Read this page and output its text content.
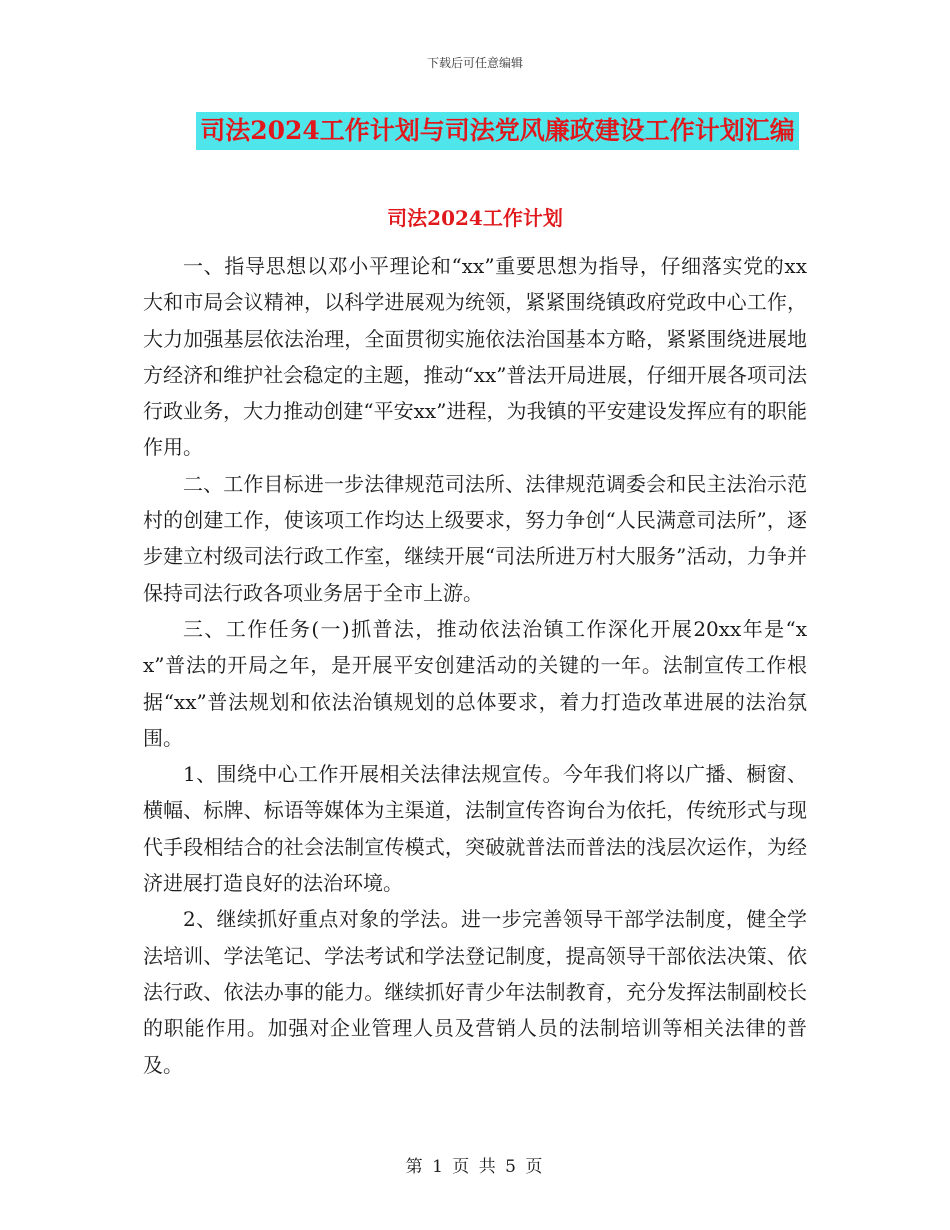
下载后可任意编辑
司法2024工作计划与司法党风廉政建设工作计划汇编
司法2024工作计划

一、指导思想以邓小平理论和“xx”重要思想为指导，仔细落实党的xx大和市局会议精神，以科学进展观为统领，紧紧围绕镇政府党政中心工作，大力加强基层依法治理，全面贯彻实施依法治国基本方略，紧紧围绕进展地方经济和维护社会稳定的主题，推动“xx”普法开局进展，仔细开展各项司法行政业务，大力推动创建“平安xx”进程，为我镇的平安建设发挥应有的职能作用。

二、工作目标进一步法律规范司法所、法律规范调委会和民主法治示范村的创建工作，使该项工作均达上级要求，努力争创“人民满意司法所”，逐步建立村级司法行政工作室，继续开展“司法所进万村大服务”活动，力争并保持司法行政各项业务居于全市上游。

三、工作任务(一)抓普法，推动依法治镇工作深化开展20xx年是“xx”普法的开局之年，是开展平安创建活动的关键的一年。法制宣传工作根据“xx”普法规划和依法治镇规划的总体要求，着力打造改革进展的法治氛围。

1、围绕中心工作开展相关法律法规宣传。今年我们将以广播、橱窗、横幅、标牌、标语等媒体为主渠道，法制宣传咨询台为依托，传统形式与现代手段相结合的社会法制宣传模式，突破就普法而普法的浅层次运作，为经济进展打造良好的法治环境。

2、继续抓好重点对象的学法。进一步完善领导干部学法制度，健全学法培训、学法笔记、学法考试和学法登记制度，提高领导干部依法决策、依法行政、依法办事的能力。继续抓好青少年法制教育，充分发挥法制副校长的职能作用。加强对企业管理人员及营销人员的法制培训等相关法律的普及。

第 1 页 共 5 页
